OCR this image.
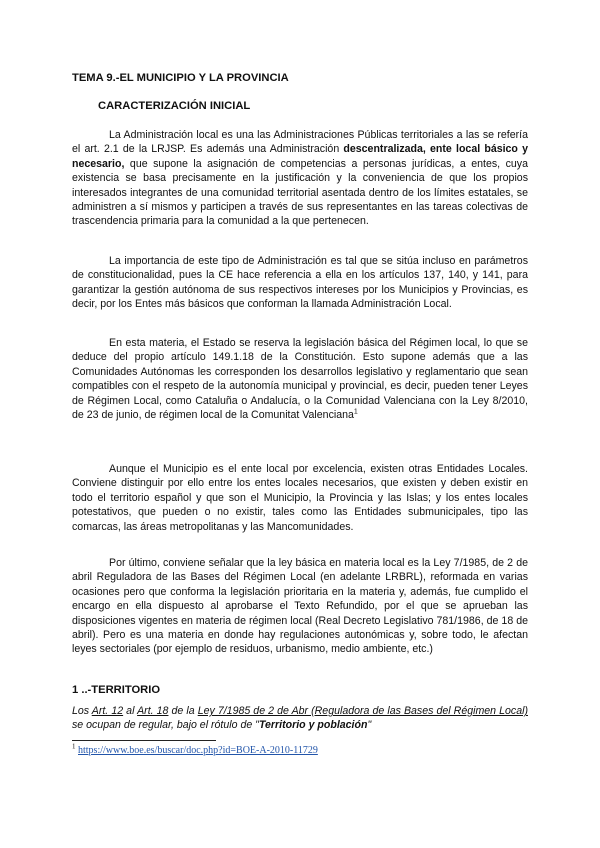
TEMA 9.-EL MUNICIPIO Y LA PROVINCIA
CARACTERIZACIÓN INICIAL

La Administración local es una las Administraciones Públicas territoriales a las se refería el art. 2.1 de la LRJSP. Es además una Administración descentralizada, ente local básico y necesario, que supone la asignación de competencias a personas jurídicas, a entes, cuya existencia se basa precisamente en la justificación y la conveniencia de que los propios interesados integrantes de una comunidad territorial asentada dentro de los límites estatales, se administren a sí mismos y participen a través de sus representantes en las tareas colectivas de trascendencia primaria para la comunidad a la que pertenecen.

La importancia de este tipo de Administración es tal que se sitúa incluso en parámetros de constitucionalidad, pues la CE hace referencia a ella en los artículos 137, 140, y 141, para garantizar la gestión autónoma de sus respectivos intereses por los Municipios y Provincias, es decir, por los Entes más básicos que conforman la llamada Administración Local.

En esta materia, el Estado se reserva la legislación básica del Régimen local, lo que se deduce del propio artículo 149.1.18 de la Constitución. Esto supone además que a las Comunidades Autónomas les corresponden los desarrollos legislativo y reglamentario que sean compatibles con el respeto de la autonomía municipal y provincial, es decir, pueden tener Leyes de Régimen Local, como Cataluña o Andalucía, o la Comunidad Valenciana con la Ley 8/2010, de 23 de junio, de régimen local de la Comunitat Valenciana$^1$

Aunque el Municipio es el ente local por excelencia, existen otras Entidades Locales. Conviene distinguir por ello entre los entes locales necesarios, que existen y deben existir en todo el territorio español y que son el Municipio, la Provincia y las Islas; y los entes locales potestativos, que pueden o no existir, tales como las Entidades submunicipales, tipo las comarcas, las áreas metropolitanas y las Mancomunidades.

Por último, conviene señalar que la ley básica en materia local es la Ley 7/1985, de 2 de abril Reguladora de las Bases del Régimen Local (en adelante LRBRL), reformada en varias ocasiones pero que conforma la legislación prioritaria en la materia y, además, fue cumplido el encargo en ella dispuesto al aprobarse el Texto Refundido, por el que se aprueban las disposiciones vigentes en materia de régimen local (Real Decreto Legislativo 781/1986, de 18 de abril). Pero es una materia en donde hay regulaciones autonómicas y, sobre todo, le afectan leyes sectoriales (por ejemplo de residuos, urbanismo, medio ambiente, etc.)

1 ..-TERRITORIO

Los Art. 12 al Art. 18 de la Ley 7/1985 de 2 de Abr (Reguladora de las Bases del Régimen Local) se ocupan de regular, bajo el rótulo de "Territorio y población"

$^1$ https://www.boe.es/buscar/doc.php?id=BOE-A-2010-11729
